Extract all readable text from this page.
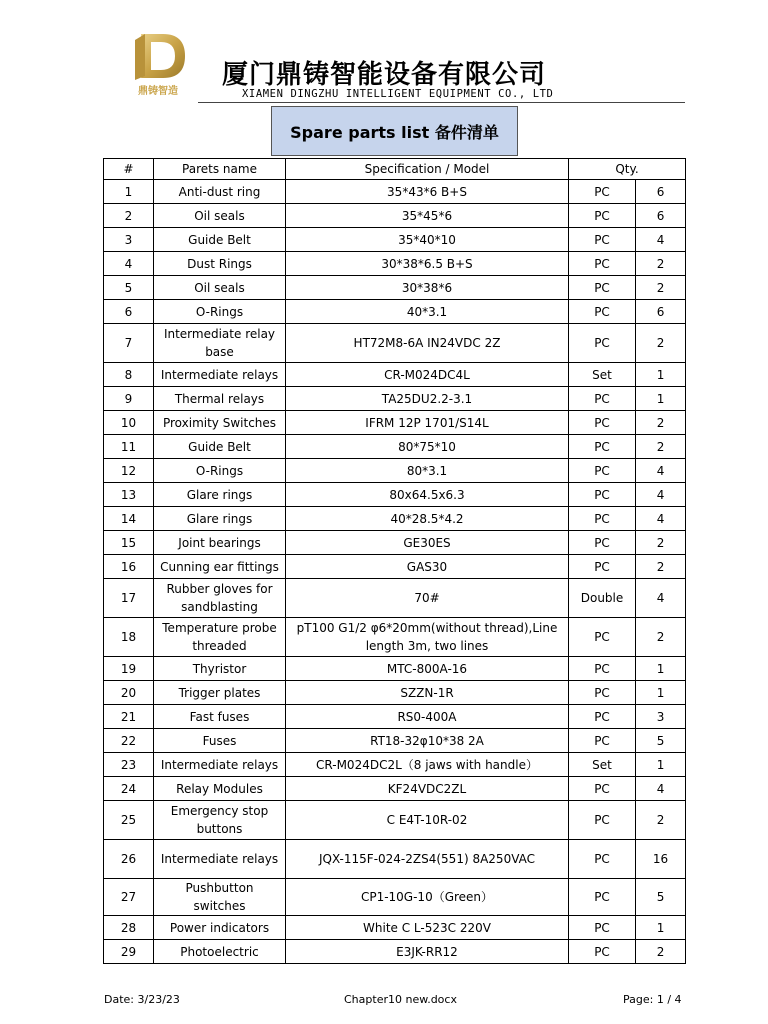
鼎铸智造
厦门鼎铸智能设备有限公司
XIAMEN DINGZHU INTELLIGENT EQUIPMENT CO., LTD
Spare parts list 备件清单
#	Parets name	Specification / Model	Qty.	
1	Anti-dust ring	35*43*6 B+S	PC	6
2	Oil seals	35*45*6	PC	6
3	Guide Belt	35*40*10	PC	4
4	Dust Rings	30*38*6.5 B+S	PC	2
5	Oil seals	30*38*6	PC	2
6	O-Rings	40*3.1	PC	6
7	Intermediate relay base	HT72M8-6A IN24VDC 2Z	PC	2
8	Intermediate relays	CR-M024DC4L	Set	1
9	Thermal relays	TA25DU2.2-3.1	PC	1
10	Proximity Switches	IFRM 12P 1701/S14L	PC	2
11	Guide Belt	80*75*10	PC	2
12	O-Rings	80*3.1	PC	4
13	Glare rings	80x64.5x6.3	PC	4
14	Glare rings	40*28.5*4.2	PC	4
15	Joint bearings	GE30ES	PC	2
16	Cunning ear fittings	GAS30	PC	2
17	Rubber gloves for sandblasting	70#	Double	4
18	Temperature probe threaded	pT100 G1/2 φ6*20mm(without thread),Line length 3m, two lines	PC	2
19	Thyristor	MTC-800A-16	PC	1
20	Trigger plates	SZZN-1R	PC	1
21	Fast fuses	RS0-400A	PC	3
22	Fuses	RT18-32φ10*38 2A	PC	5
23	Intermediate relays	CR-M024DC2L（8 jaws with handle）	Set	1
24	Relay Modules	KF24VDC2ZL	PC	4
25	Emergency stop buttons	C E4T-10R-02	PC	2
26	Intermediate relays	JQX-115F-024-2ZS4(551) 8A250VAC	PC	16
27	Pushbutton switches	CP1-10G-10（Green）	PC	5
28	Power indicators	White C L-523C 220V	PC	1
29	Photoelectric	E3JK-RR12	PC	2
Date: 3/23/23	Chapter10 new.docx	Page: 1 / 4
